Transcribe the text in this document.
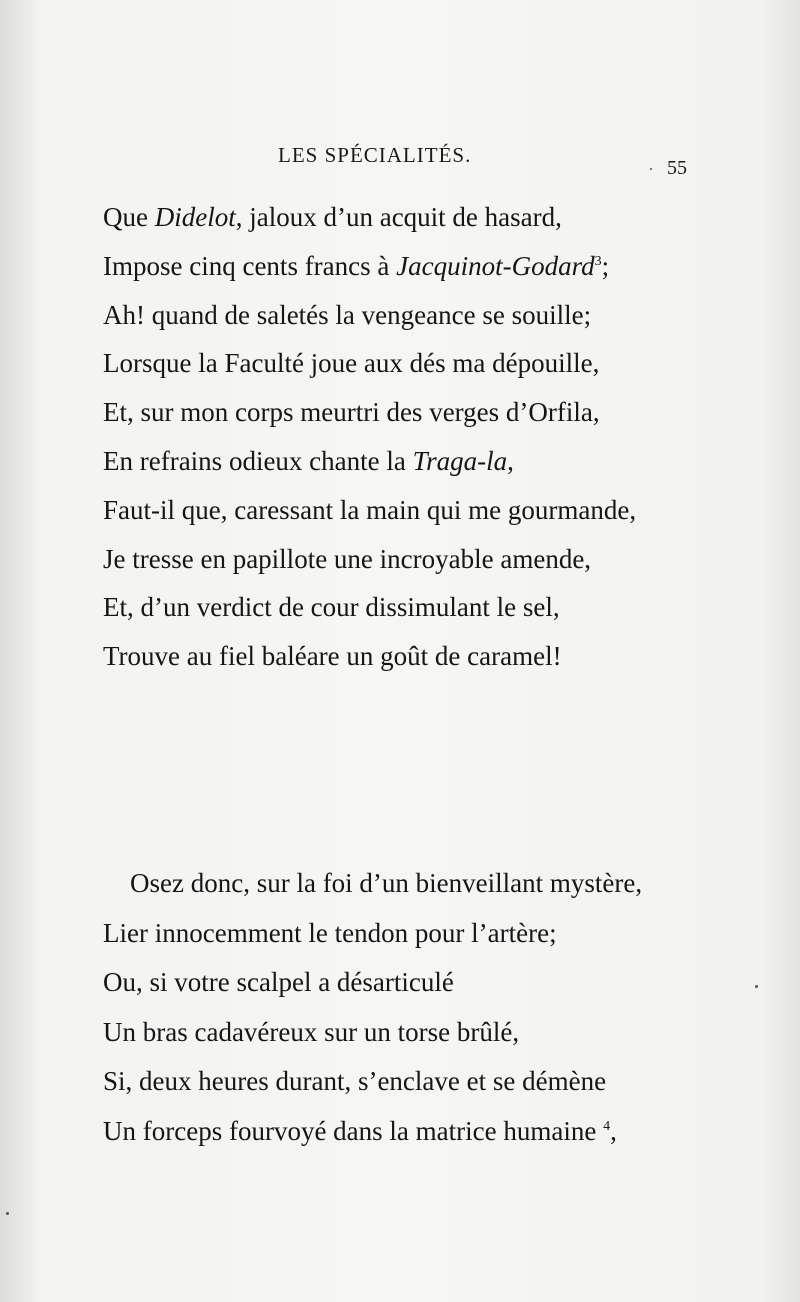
LES SPÉCIALITÉS.
55
Que Didelot, jaloux d’un acquit de hasard,
Impose cinq cents francs à Jacquinot-Godard$^3$;
Ah! quand de saletés la vengeance se souille;
Lorsque la Faculté joue aux dés ma dépouille,
Et, sur mon corps meurtri des verges d’Orfila,
En refrains odieux chante la Traga-la,
Faut-il que, caressant la main qui me gourmande,
Je tresse en papillote une incroyable amende,
Et, d’un verdict de cour dissimulant le sel,
Trouve au fiel baléare un goût de caramel!
Osez donc, sur la foi d’un bienveillant mystère,
Lier innocemment le tendon pour l’artère;
Ou, si votre scalpel a désarticulé
Un bras cadavéreux sur un torse brûlé,
Si, deux heures durant, s’enclave et se démène
Un forceps fourvoyé dans la matrice humaine $^4$,
